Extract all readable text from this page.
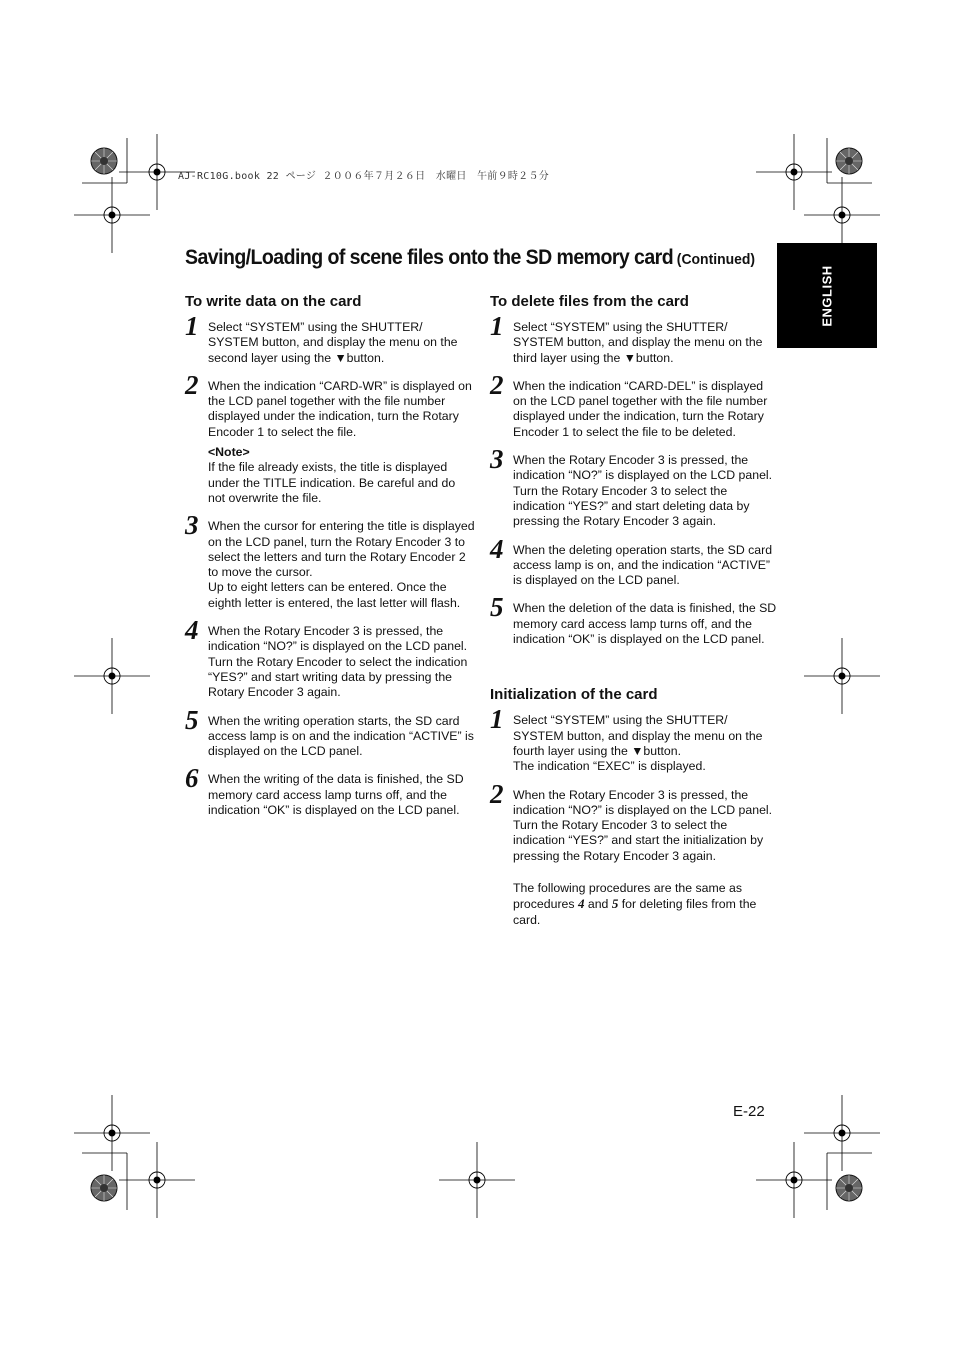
AJ-RC10G.book 22 ページ ２００６年７月２６日　水曜日　午前９時２５分
Saving/Loading of scene files onto the SD memory card (Continued)
ENGLISH
To write data on the card
1 Select “SYSTEM” using the SHUTTER/ SYSTEM button, and display the menu on the second layer using the ▼button.
2 When the indication “CARD-WR” is displayed on the LCD panel together with the file number displayed under the indication, turn the Rotary Encoder 1 to select the file.
<Note>
If the file already exists, the title is displayed under the TITLE indication. Be careful and do not overwrite the file.
3 When the cursor for entering the title is displayed on the LCD panel, turn the Rotary Encoder 3 to select the letters and turn the Rotary Encoder 2 to move the cursor.
Up to eight letters can be entered. Once the eighth letter is entered, the last letter will flash.
4 When the Rotary Encoder 3 is pressed, the indication “NO?” is displayed on the LCD panel. Turn the Rotary Encoder to select the indication “YES?” and start writing data by pressing the Rotary Encoder 3 again.
5 When the writing operation starts, the SD card access lamp is on and the indication “ACTIVE” is displayed on the LCD panel.
6 When the writing of the data is finished, the SD memory card access lamp turns off, and the indication “OK” is displayed on the LCD panel.
To delete files from the card
1 Select “SYSTEM” using the SHUTTER/ SYSTEM button, and display the menu on the third layer using the ▼button.
2 When the indication “CARD-DEL” is displayed on the LCD panel together with the file number displayed under the indication, turn the Rotary Encoder 1 to select the file to be deleted.
3 When the Rotary Encoder 3 is pressed, the indication “NO?” is displayed on the LCD panel. Turn the Rotary Encoder 3 to select the indication “YES?” and start deleting data by pressing the Rotary Encoder 3 again.
4 When the deleting operation starts, the SD card access lamp is on, and the indication “ACTIVE” is displayed on the LCD panel.
5 When the deletion of the data is finished, the SD memory card access lamp turns off, and the indication “OK” is displayed on the LCD panel.
Initialization of the card
1 Select “SYSTEM” using the SHUTTER/ SYSTEM button, and display the menu on the fourth layer using the ▼button.
The indication “EXEC” is displayed.
2 When the Rotary Encoder 3 is pressed, the indication “NO?” is displayed on the LCD panel. Turn the Rotary Encoder 3 to select the indication “YES?” and start the initialization by pressing the Rotary Encoder 3 again.
The following procedures are the same as procedures 4 and 5 for deleting files from the card.
E-22
